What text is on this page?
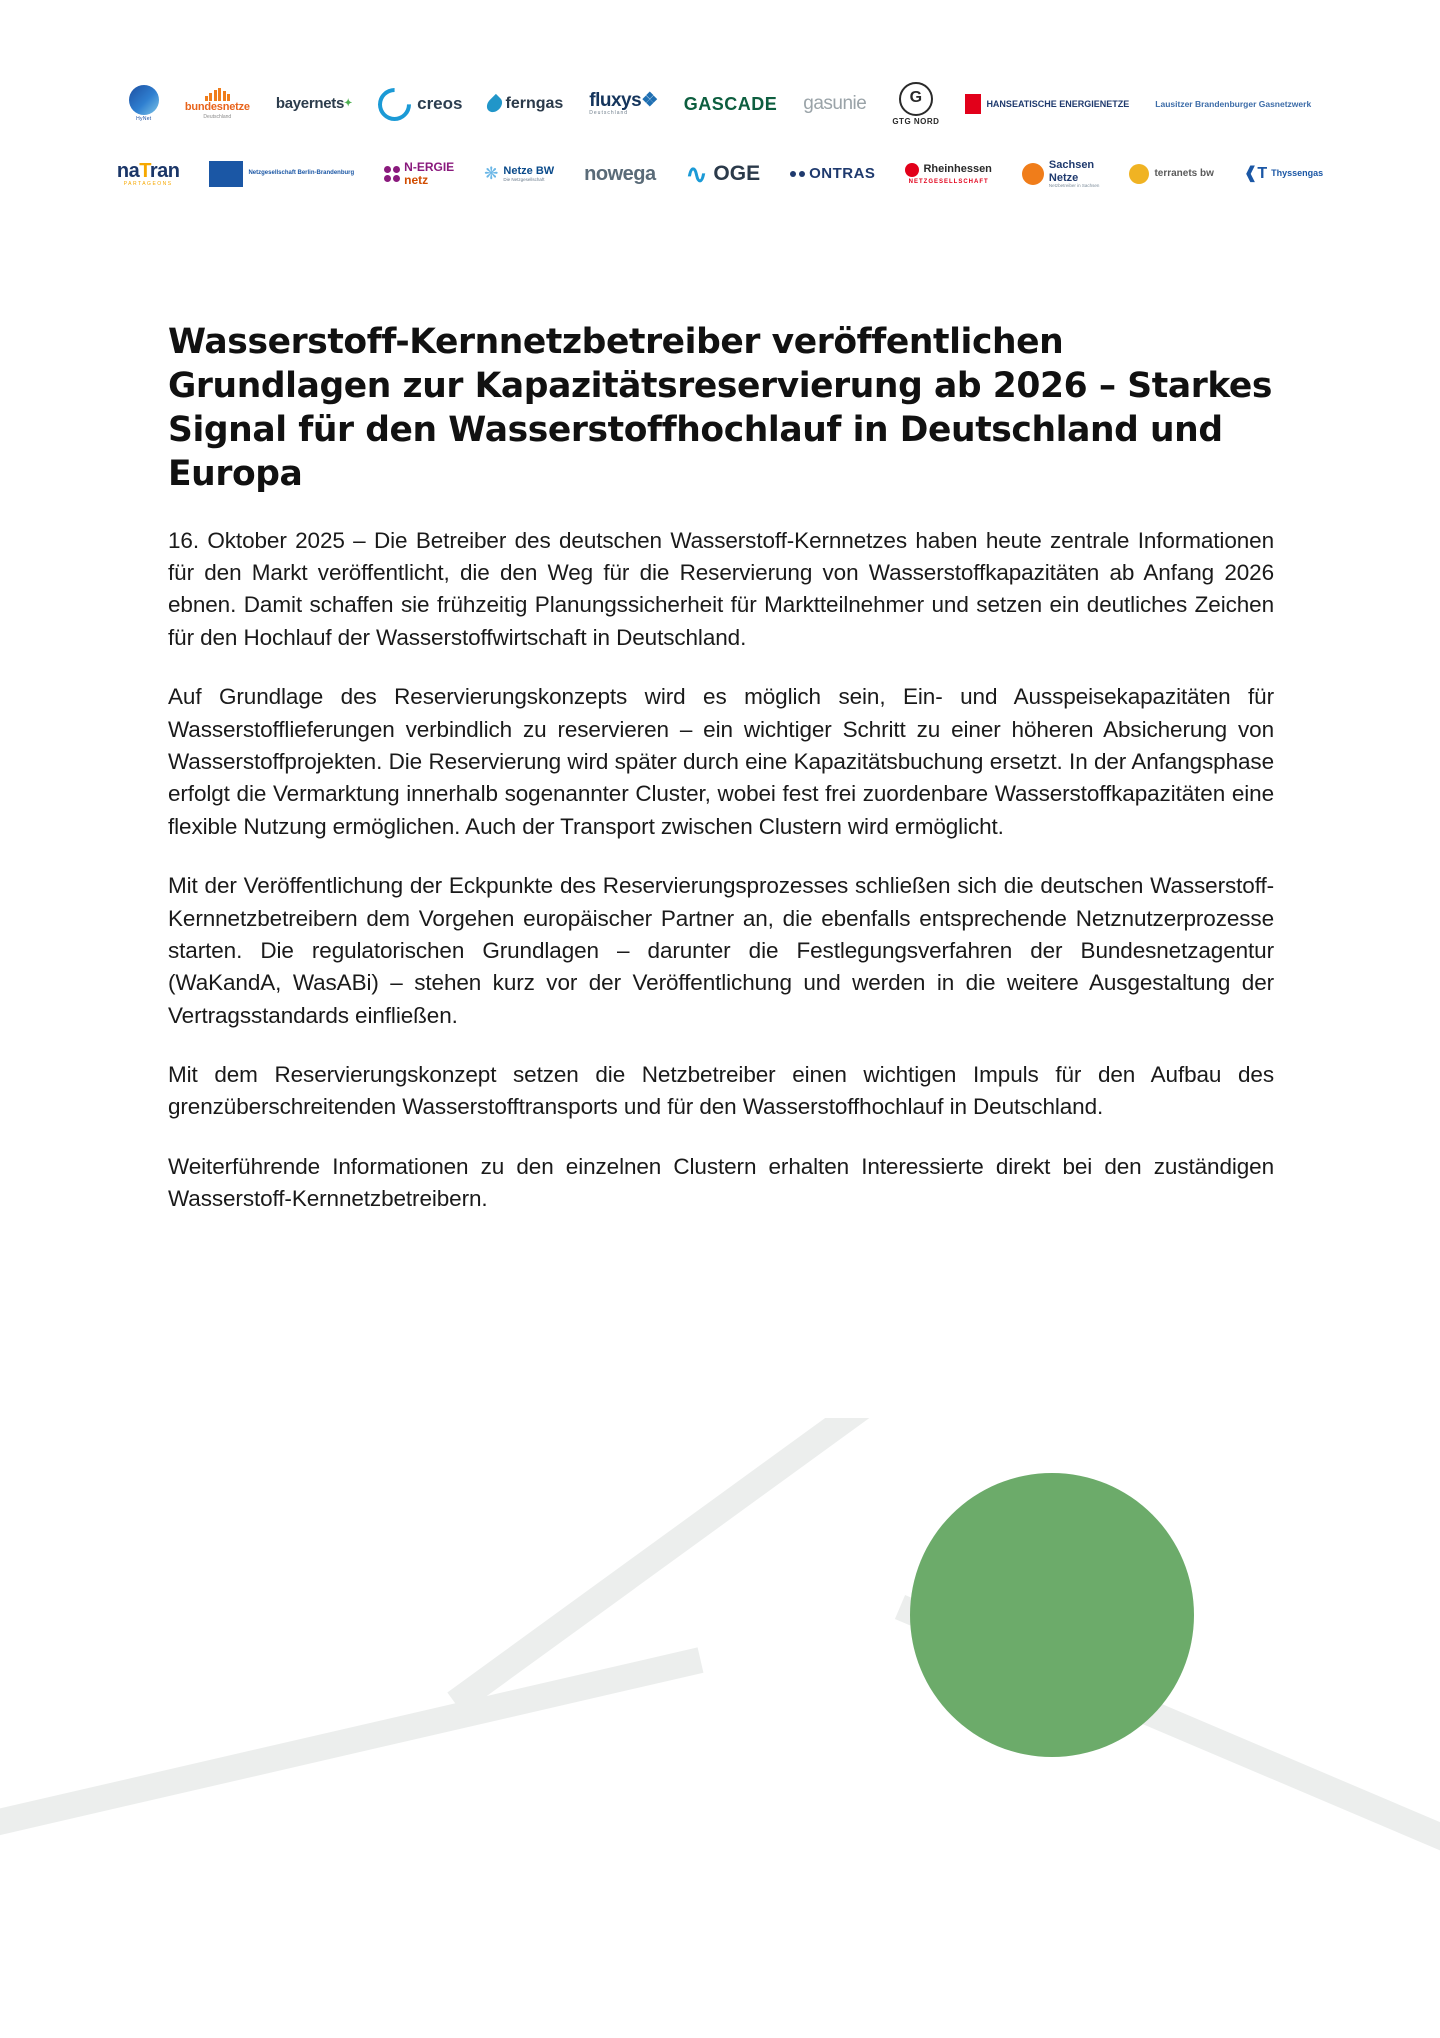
HyNet
bundesnetze
Deutschland
bayernets ✦	creos	ferngas fluxys❖
Deutschland	GASCADE gasunie	G
GTG NORD
HANSEATISCHE ENERGIENETZE	Lausitzer Brandenburger Gasnetzwerk
naTran
PARTAGEONS
Netzgesellschaft Berlin-Brandenburg	N-ERGIE
netz	❋ Netze BW
Die Netzgesellschaft	nowega ∿ OGE	ONTRAS	Rheinhessen
NETZGESELLSCHAFT
Sachsen
Netze
Netzbetreiber in Sachsen
terranets bw ❰T Thyssengas
Wasserstoff-Kernnetzbetreiber veröffentlichen Grundlagen zur Kapazitätsreservierung ab 2026 – Starkes Signal für den Wasserstoffhochlauf in Deutschland und Europa

16. Oktober 2025 – Die Betreiber des deutschen Wasserstoff-Kernnetzes haben heute zentrale Informationen für den Markt veröffentlicht, die den Weg für die Reservierung von Wasserstoffkapazitäten ab Anfang 2026 ebnen. Damit schaffen sie frühzeitig Planungssicherheit für Marktteilnehmer und setzen ein deutliches Zeichen für den Hochlauf der Wasserstoffwirtschaft in Deutschland.

Auf Grundlage des Reservierungskonzepts wird es möglich sein, Ein- und Ausspeisekapazitäten für Wasserstofflieferungen verbindlich zu reservieren – ein wichtiger Schritt zu einer höheren Absicherung von Wasserstoffprojekten. Die Reservierung wird später durch eine Kapazitätsbuchung ersetzt. In der Anfangsphase erfolgt die Vermarktung innerhalb sogenannter Cluster, wobei fest frei zuordenbare Wasserstoffkapazitäten eine flexible Nutzung ermöglichen. Auch der Transport zwischen Clustern wird ermöglicht.

Mit der Veröffentlichung der Eckpunkte des Reservierungsprozesses schließen sich die deutschen Wasserstoff-Kernnetzbetreibern dem Vorgehen europäischer Partner an, die ebenfalls entsprechende Netznutzerprozesse starten. Die regulatorischen Grundlagen – darunter die Festlegungsverfahren der Bundesnetzagentur (WaKandA, WasABi) – stehen kurz vor der Veröffentlichung und werden in die weitere Ausgestaltung der Vertragsstandards einfließen.

Mit dem Reservierungskonzept setzen die Netzbetreiber einen wichtigen Impuls für den Aufbau des grenzüberschreitenden Wasserstofftransports und für den Wasserstoffhochlauf in Deutschland.

Weiterführende Informationen zu den einzelnen Clustern erhalten Interessierte direkt bei den zuständigen Wasserstoff-Kernnetzbetreibern.
